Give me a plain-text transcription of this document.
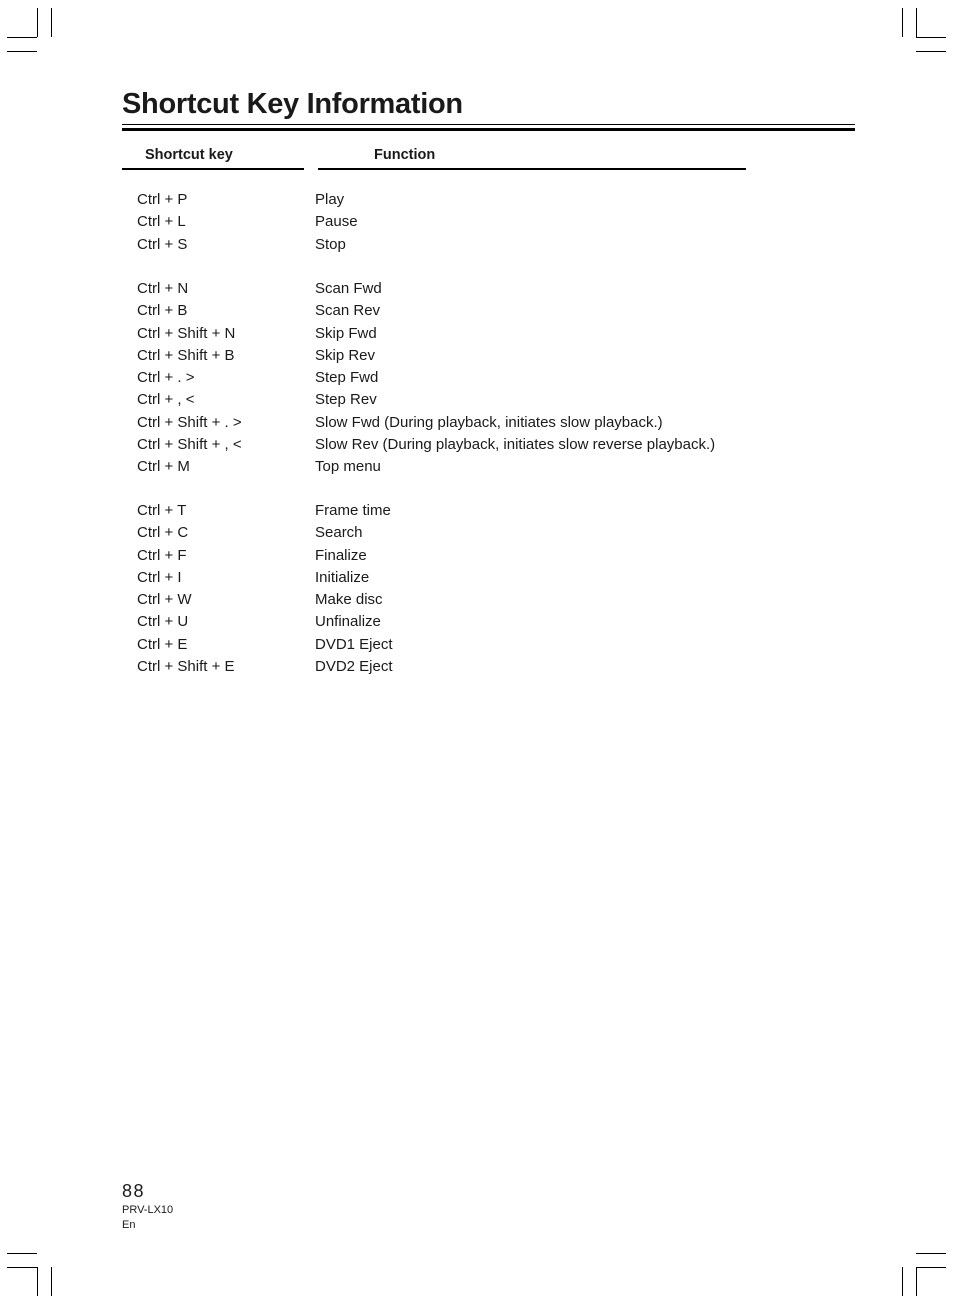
Shortcut Key Information
Shortcut key	Function
Ctrl + P	Play
Ctrl + L	Pause
Ctrl + S	Stop
Ctrl + N	Scan Fwd
Ctrl + B	Scan Rev
Ctrl + Shift + N	Skip Fwd
Ctrl + Shift + B	Skip Rev
Ctrl + . >	Step Fwd
Ctrl + , <	Step Rev
Ctrl + Shift + . >	Slow Fwd (During playback, initiates slow playback.)
Ctrl + Shift + , <	Slow Rev (During playback, initiates slow reverse playback.)
Ctrl + M	Top menu
Ctrl + T	Frame time
Ctrl + C	Search
Ctrl + F	Finalize
Ctrl + I	Initialize
Ctrl + W	Make disc
Ctrl + U	Unfinalize
Ctrl + E	DVD1 Eject
Ctrl + Shift + E	DVD2 Eject
88
PRV-LX10
En
